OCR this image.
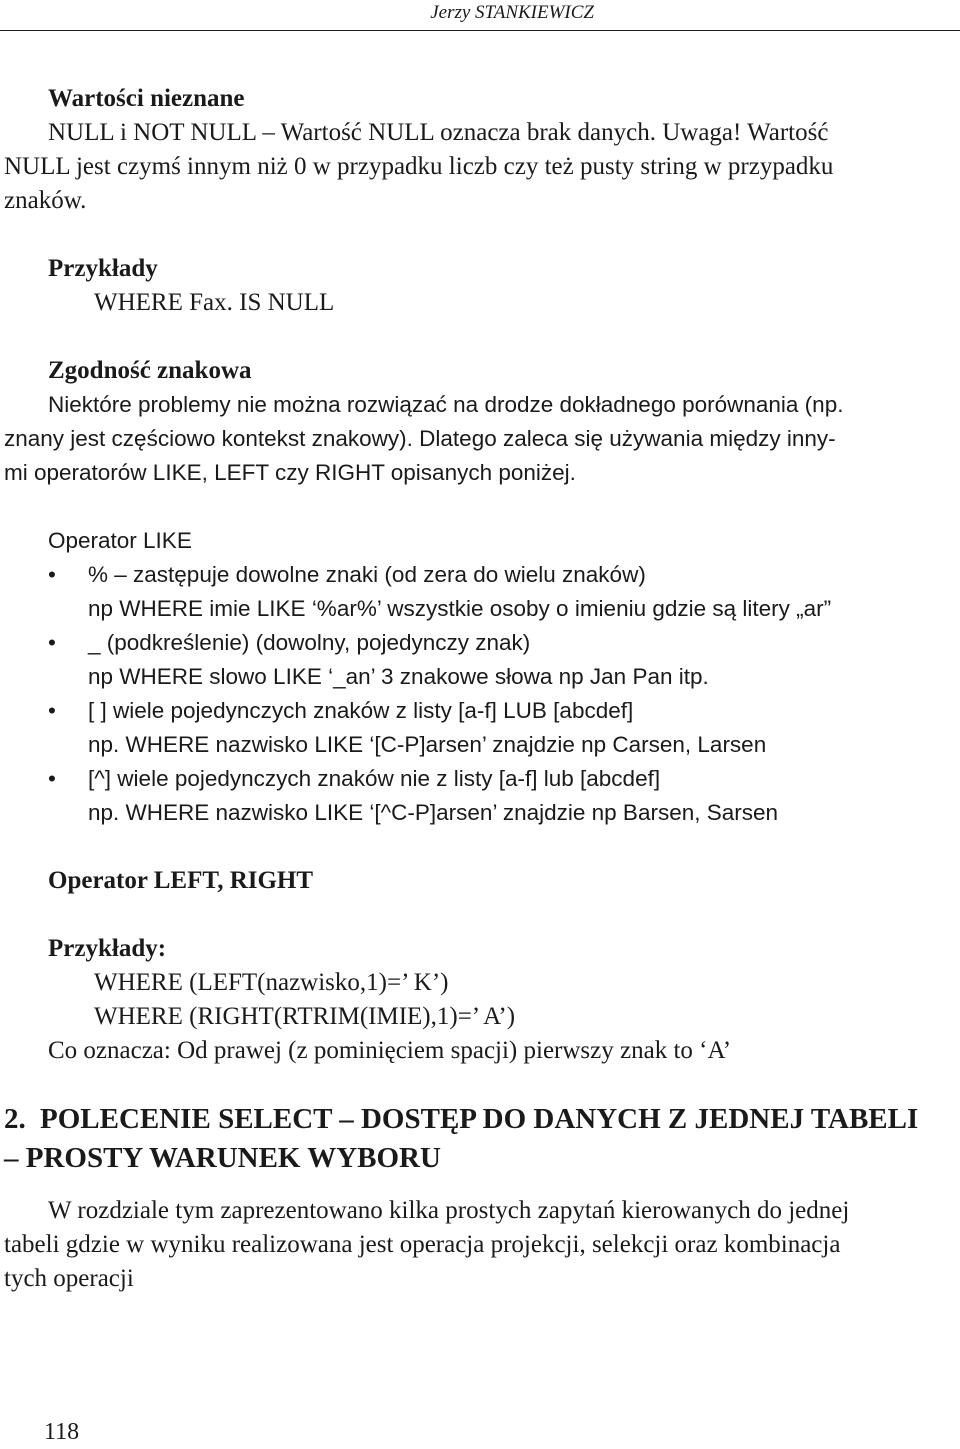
Jerzy STANKIEWICZ
Wartości nieznane
NULL i NOT NULL – Wartość NULL oznacza brak danych. Uwaga! Wartość
NULL jest czymś innym niż 0 w przypadku liczb czy też pusty string w przypadku
znaków.
Przykłady
WHERE Fax. IS NULL
Zgodność znakowa
Niektóre problemy nie można rozwiązać na drodze dokładnego porównania (np.
znany jest częściowo kontekst znakowy). Dlatego zaleca się używania między inny-
mi operatorów LIKE, LEFT czy RIGHT opisanych poniżej.
Operator LIKE
• % – zastępuje dowolne znaki (od zera do wielu znaków)
np WHERE imie LIKE ‘%ar%’ wszystkie osoby o imieniu gdzie są litery „ar”
• _ (podkreślenie) (dowolny, pojedynczy znak)
np WHERE slowo LIKE ‘_an’ 3 znakowe słowa np Jan Pan itp.
• [ ] wiele pojedynczych znaków z listy [a-f] LUB [abcdef]
np. WHERE nazwisko LIKE ‘[C-P]arsen’ znajdzie np Carsen, Larsen
• [^] wiele pojedynczych znaków nie z listy [a-f] lub [abcdef]
np. WHERE nazwisko LIKE ‘[^C-P]arsen’ znajdzie np Barsen, Sarsen
Operator LEFT, RIGHT
Przykłady:
WHERE (LEFT(nazwisko,1)=’ K’)
WHERE (RIGHT(RTRIM(IMIE),1)=’ A’)
Co oznacza: Od prawej (z pominięciem spacji) pierwszy znak to ‘A’
2. POLECENIE SELECT – DOSTĘP DO DANYCH Z JEDNEJ TABELI
– PROSTY WARUNEK WYBORU
W rozdziale tym zaprezentowano kilka prostych zapytań kierowanych do jednej
tabeli gdzie w wyniku realizowana jest operacja projekcji, selekcji oraz kombinacja
tych operacji
118
